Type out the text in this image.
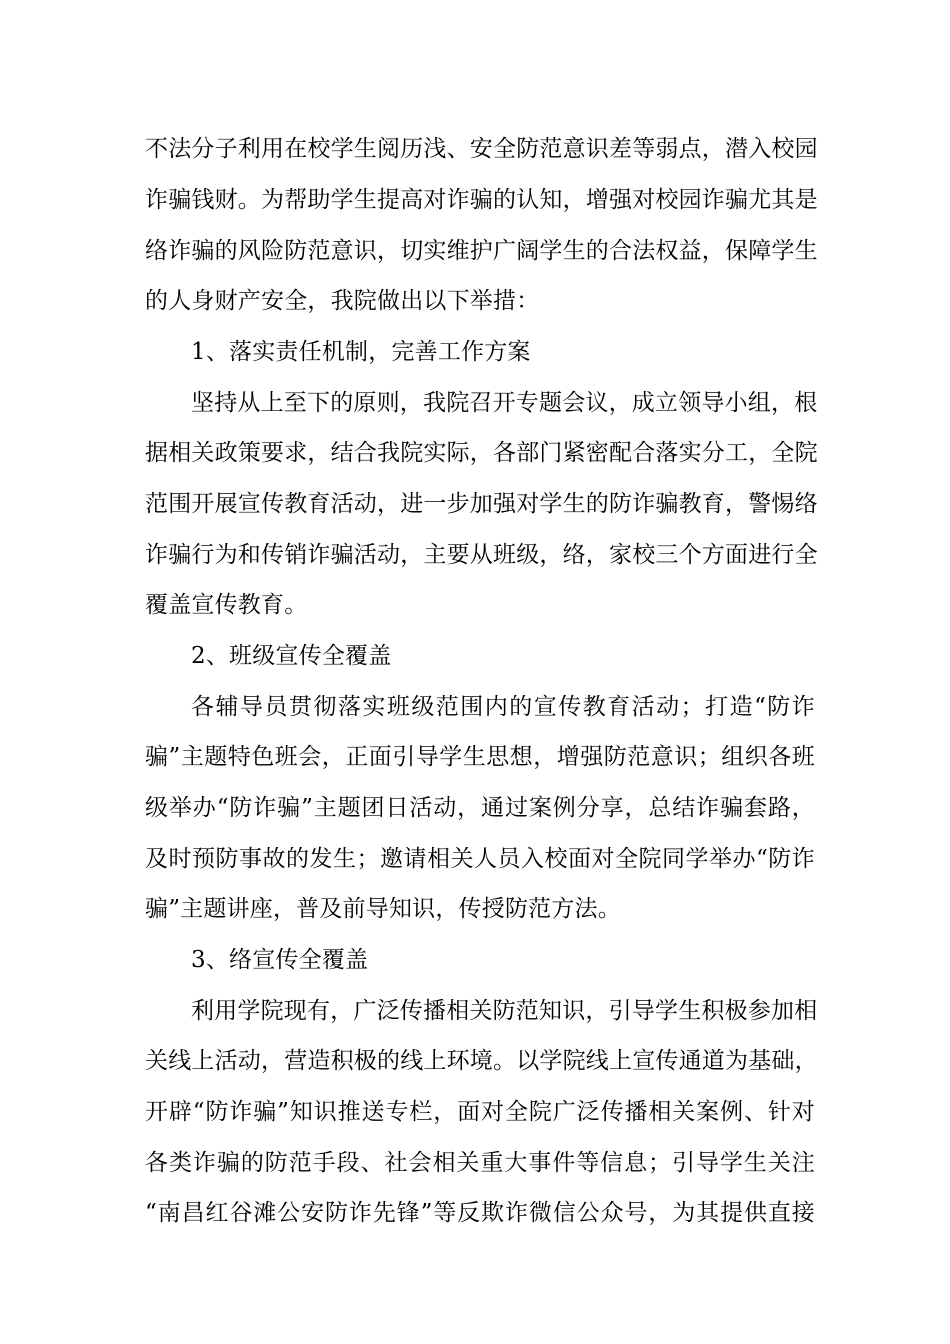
不法分子利用在校学生阅历浅、安全防范意识差等弱点，潜入校园

诈骗钱财。为帮助学生提高对诈骗的认知，增强对校园诈骗尤其是

络诈骗的风险防范意识，切实维护广阔学生的合法权益，保障学生

的人身财产安全，我院做出以下举措：

1、落实责任机制，完善工作方案

坚持从上至下的原则，我院召开专题会议，成立领导小组，根

据相关政策要求，结合我院实际，各部门紧密配合落实分工，全院

范围开展宣传教育活动，进一步加强对学生的防诈骗教育，警惕络

诈骗行为和传销诈骗活动，主要从班级，络，家校三个方面进行全

覆盖宣传教育。

2、班级宣传全覆盖

各辅导员贯彻落实班级范围内的宣传教育活动；打造“防诈

骗”主题特色班会，正面引导学生思想，增强防范意识；组织各班

级举办“防诈骗”主题团日活动，通过案例分享，总结诈骗套路，

及时预防事故的发生；邀请相关人员入校面对全院同学举办“防诈

骗”主题讲座，普及前导知识，传授防范方法。

3、络宣传全覆盖

利用学院现有，广泛传播相关防范知识，引导学生积极参加相

关线上活动，营造积极的线上环境。以学院线上宣传通道为基础，

开辟“防诈骗”知识推送专栏，面对全院广泛传播相关案例、针对

各类诈骗的防范手段、社会相关重大事件等信息；引导学生关注

“南昌红谷滩公安防诈先锋”等反欺诈微信公众号，为其提供直接
